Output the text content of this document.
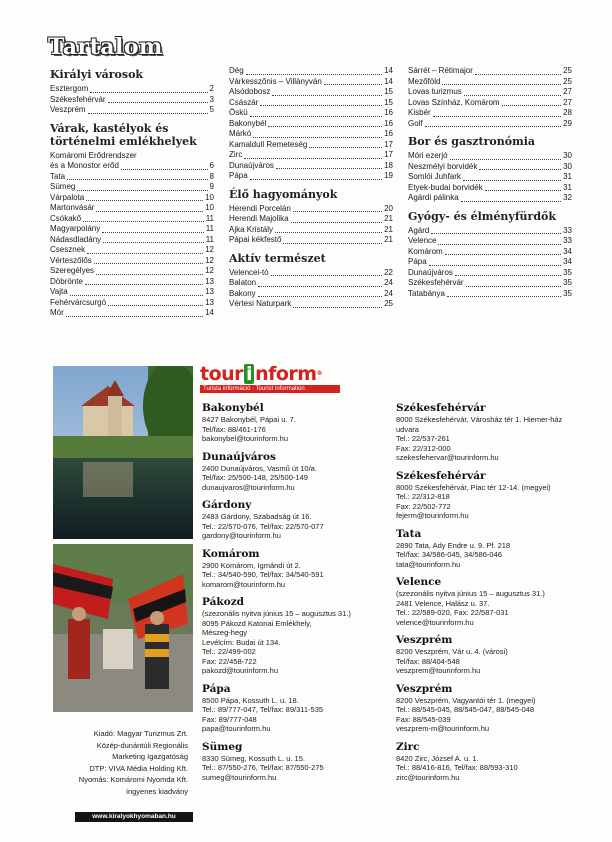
Tartalom
Királyi városok
Esztergom	2
Székesfehérvár	3
Veszprém	5
Várak, kastélyok és történelmi emlékhelyek
Komáromi Erődrendszer
és a Monostor erőd	6
Tata	8
Sümeg	9
Várpalota	10
Martonvásár	10
Csókakő	11
Magyarpolány	11
Nádasdladány	11
Csesznek	12
Vérteszőlős	12
Szeregélyes	12
Döbrönte	13
Vajta	13
Fehérvárcsurgó	13
Mór	14
Dég	14
Várkesszőnis – Villányván	14
Alsódobosz	15
Császár	15
Öskü	16
Bakonybél	16
Márkó	16
Kamaldull Remeteség	17
Zirc	17
Dunaújváros	18
Pápa	19
Élő hagyományok
Herendi Porcelán	20
Herendi Majolika	21
Ajka Kristály	21
Pápai kékfestő	21
Aktív természet
Velencei-tó	22
Balaton	24
Bakony	24
Vértesi Naturpark	25
Sárrét – Rétimajor	25
Mezőföld	25
Lovas turizmus	27
Lovas Színház, Komárom	27
Kisbér	28
Golf	29
Bor és gasztronómia
Móri ezerjó	30
Neszmélyi borvidék	30
Somlói Juhfark	31
Etyek-budai borvidék	31
Agárdi pálinka	32
Gyógy- és élményfürdők
Agárd	33
Velence	33
Komárom	34
Pápa	34
Dunaújváros	35
Székesfehérvár	35
Tatabánya	35
Kiadó: Magyar Turizmus Zrt.
Közép-dunántúli Regionális
Marketing Igazgatóság
DTP: VIVA Média Holding Kft.
Nyomás: Komáromi Nyomda Kft.
ingyenes kiadvány
www.kiralyokhyomaban.hu
tour i nform ®
Turista információ · Tourist information
Bakonybél
8427 Bakonybél, Pápai u. 7.
Tel/fax: 88/461-176
bakonybel@tourinform.hu
Dunaújváros
2400 Dunaújváros, Vasmű út 10/a.
Tel/fax: 25/500-148, 25/500-149
dunaujvaros@tourinform.hu
Gárdony
2483 Gárdony, Szabadság út 16.
Tel.: 22/570-076, Tel/fax: 22/570-077
gardony@tourinform.hu
Komárom
2900 Komárom, Igmándi út 2.
Tel.: 34/540-590, Tel/fax: 34/540-591
komarom@tourinform.hu
Pákozd
(szezonális nyitva június 15 – augusztus 31.)
8095 Pákozd Katonai Emlékhely,
Mészeg-hegy
Levélcím: Budai út 134.
Tel.: 22/499-002
Fax: 22/458-722
pakozd@tourinform.hu
Pápa
8500 Pápa, Kossuth L. u. 18.
Tel.: 89/777-047, Tel/fax: 89/311-535
Fax: 89/777-048
papa@tourinform.hu
Sümeg
8330 Sümeg, Kossuth L. u. 15.
Tel.: 87/550-276, Tel/fax: 87/550-275
sumeg@tourinform.hu
Székesfehérvár
8000 Székesfehérvár, Városház tér 1. Hiemer-ház
udvara
Tel.: 22/537-261
Fax: 22/312-000
szekesfehervar@tourinform.hu
Székesfehérvár
8000 Székesfehérvár, Piac tér 12-14. (megyei)
Tel.: 22/312-818
Fax: 22/502-772
fejerm@tourinform.hu
Tata
2890 Tata, Ady Endre u. 9. Pf. 218
Tel/fax: 34/586-045, 34/586-046
tata@tourinform.hu
Velence
(szezonális nyitva június 15 – augusztus 31.)
2481 Velence, Halász u. 37.
Tel.: 22/589-020, Fax: 22/587-031
velence@tourinform.hu
Veszprém
8200 Veszprém, Vár u. 4. (városi)
Tel/fax: 88/404-548
veszprem@tourinform.hu
Veszprém
8200 Veszprém, Vagyantói tér 1. (megyei)
Tel.: 88/545-045, 88/545-047, 88/545-048
Fax: 88/545-039
veszprem-m@tourinform.hu
Zirc
8420 Zirc, József A. u. 1.
Tel.: 88/416-816, Tel/fax: 88/593-310
zirc@tourinform.hu
